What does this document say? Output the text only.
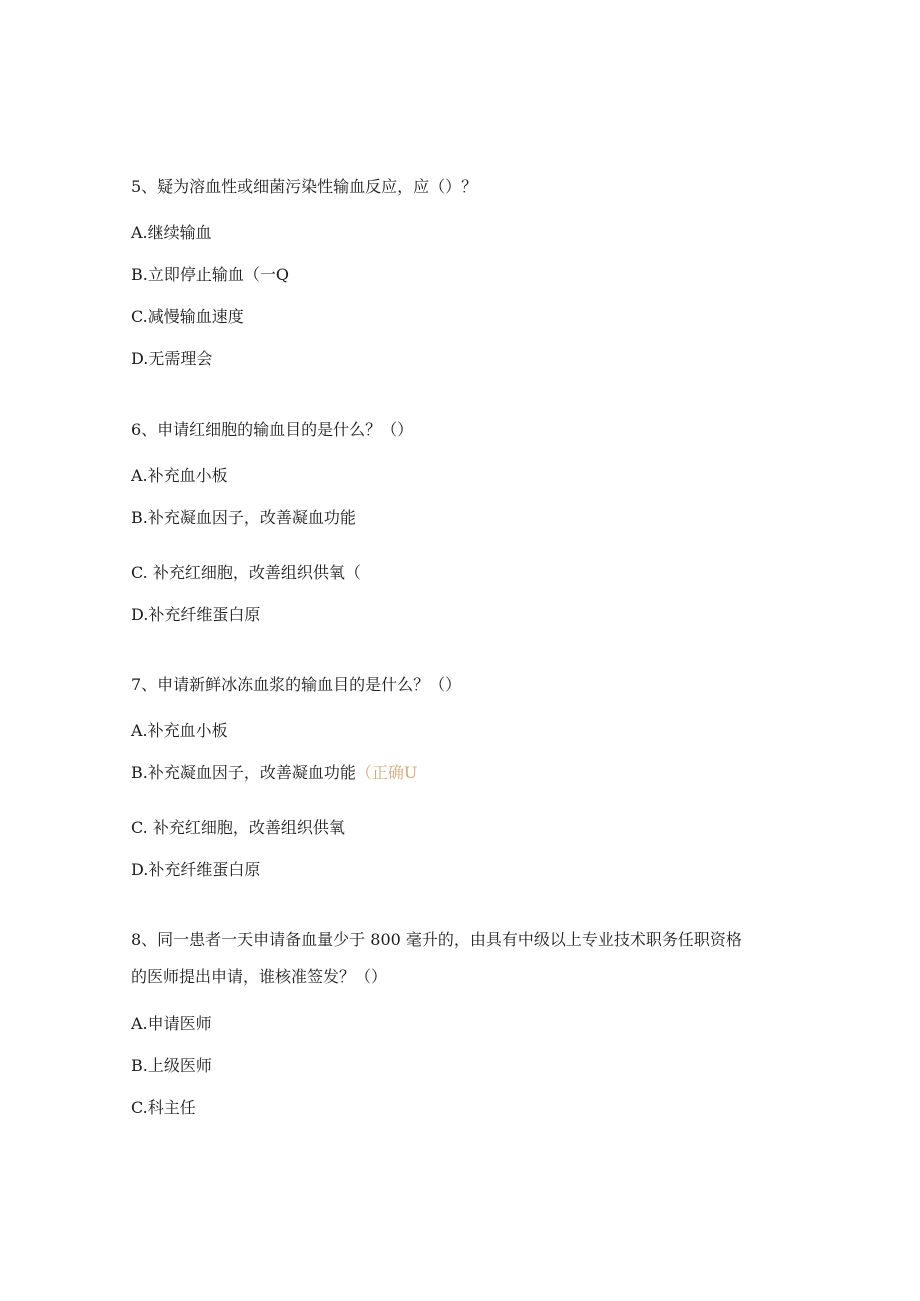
5、疑为溶血性或细菌污染性输血反应，应（）？
A.继续输血
B.立即停止输血（一Q
C.减慢输血速度
D.无需理会
6、申请红细胞的输血目的是什么？（）
A.补充血小板
B.补充凝血因子，改善凝血功能
C. 补充红细胞，改善组织供氧（
D.补充纤维蛋白原
7、申请新鲜冰冻血浆的输血目的是什么？（）
A.补充血小板
B.补充凝血因子，改善凝血功能（正确U
C. 补充红细胞，改善组织供氧
D.补充纤维蛋白原
8、同一患者一天申请备血量少于 800 毫升的，由具有中级以上专业技术职务任职资格
的医师提出申请，谁核准签发？（）
A.申请医师
B.上级医师
C.科主任
